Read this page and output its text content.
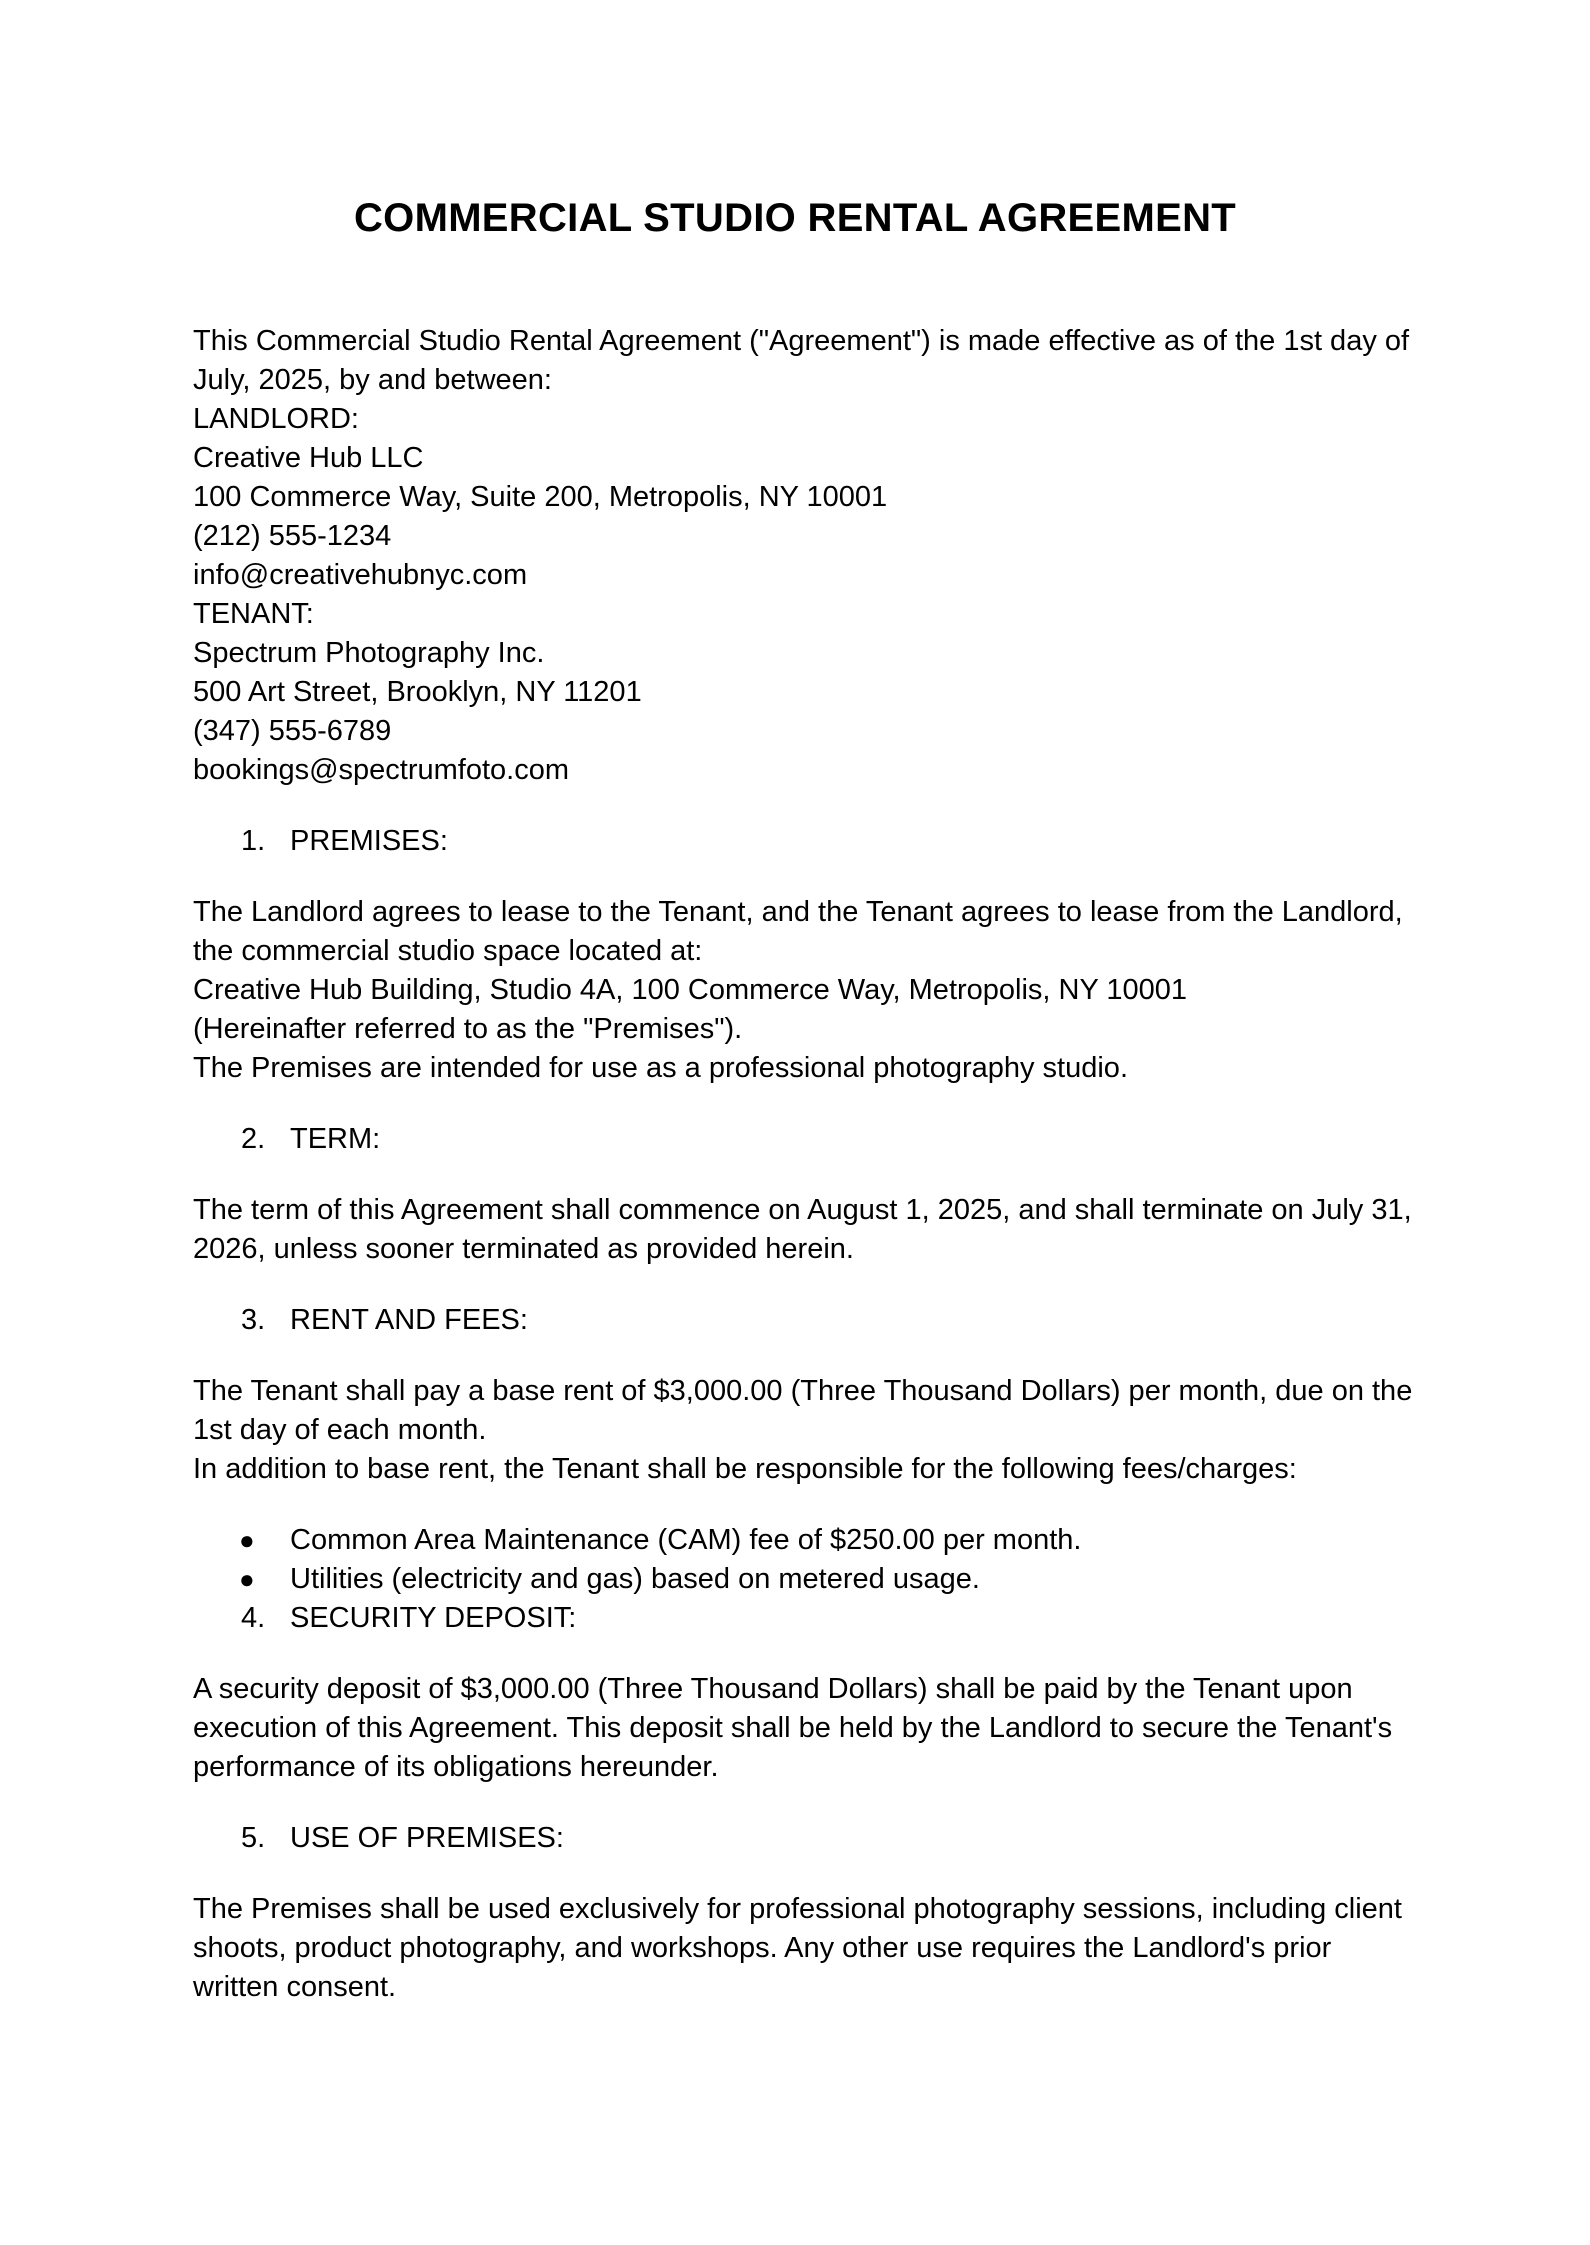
COMMERCIAL STUDIO RENTAL AGREEMENT

This Commercial Studio Rental Agreement ("Agreement") is made effective as of the 1st day of July, 2025, by and between:

LANDLORD:

Creative Hub LLC

100 Commerce Way, Suite 200, Metropolis, NY 10001

(212) 555-1234

info@creativehubnyc.com

TENANT:

Spectrum Photography Inc.

500 Art Street, Brooklyn, NY 11201

(347) 555-6789

bookings@spectrumfoto.com

1. PREMISES:

The Landlord agrees to lease to the Tenant, and the Tenant agrees to lease from the Landlord, the commercial studio space located at:

Creative Hub Building, Studio 4A, 100 Commerce Way, Metropolis, NY 10001

(Hereinafter referred to as the "Premises").

The Premises are intended for use as a professional photography studio.

2. TERM:

The term of this Agreement shall commence on August 1, 2025, and shall terminate on July 31, 2026, unless sooner terminated as provided herein.

3. RENT AND FEES:

The Tenant shall pay a base rent of $3,000.00 (Three Thousand Dollars) per month, due on the 1st day of each month.

In addition to base rent, the Tenant shall be responsible for the following fees/charges:

●	Common Area Maintenance (CAM) fee of $250.00 per month.

●	Utilities (electricity and gas) based on metered usage.

4. SECURITY DEPOSIT:

A security deposit of $3,000.00 (Three Thousand Dollars) shall be paid by the Tenant upon execution of this Agreement. This deposit shall be held by the Landlord to secure the Tenant's performance of its obligations hereunder.

5. USE OF PREMISES:

The Premises shall be used exclusively for professional photography sessions, including client shoots, product photography, and workshops. Any other use requires the Landlord's prior written consent.
